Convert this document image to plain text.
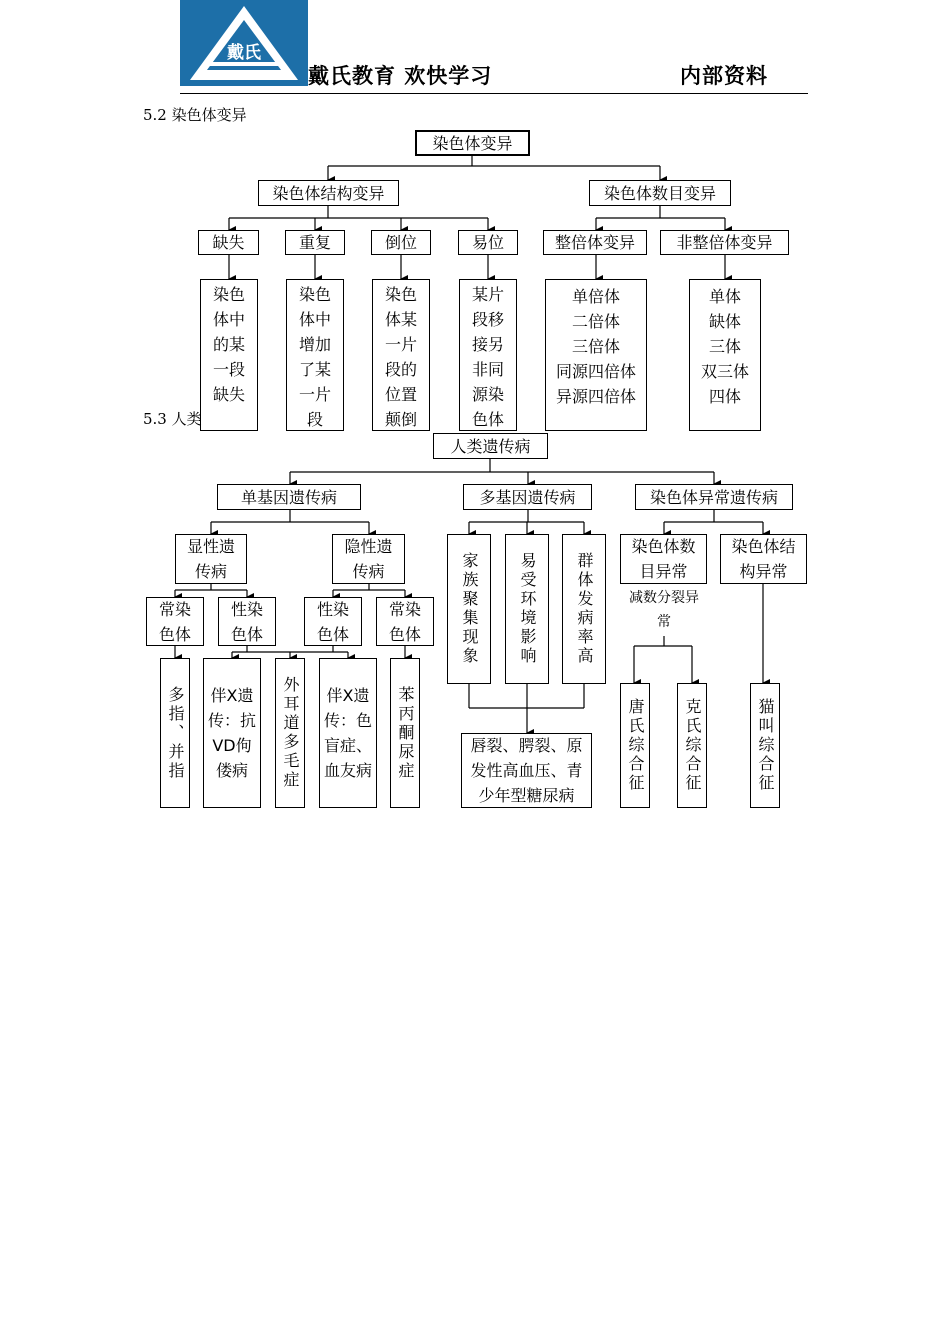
戴氏
戴氏教育 欢快学习	内部资料
5.2 染色体变异
染色体变异
染色体结构变异	染色体数目变异
缺失	重复	倒位	易位	整倍体变异	非整倍体变异
染色
体中
的某
一段
缺失
染色
体中
增加
了某
一片
段
染色
体某
一片
段的
位置
颠倒
某片
段移
接另
非同
源染
色体
单倍体
二倍体
三倍体
同源四倍体
异源四倍体
单体
缺体
三体
双三体
四体
5.3 人类
人类遗传病
单基因遗传病	多基因遗传病	染色体异常遗传病
显性遗传病
隐性遗传病
常染色体
性染色体
性染色体
常染色体
多指、并指	伴X遗传：抗VD佝偻病	外耳道多毛症	伴X遗传：色盲症、血友病	苯丙酮尿症
家族聚集现象	易受环境影响	群体发病率高
唇裂、腭裂、原发性高血压、青少年型糖尿病
染色体数目异常
染色体结构异常
减数分裂异常
唐氏综合征	克氏综合征	猫叫综合征
